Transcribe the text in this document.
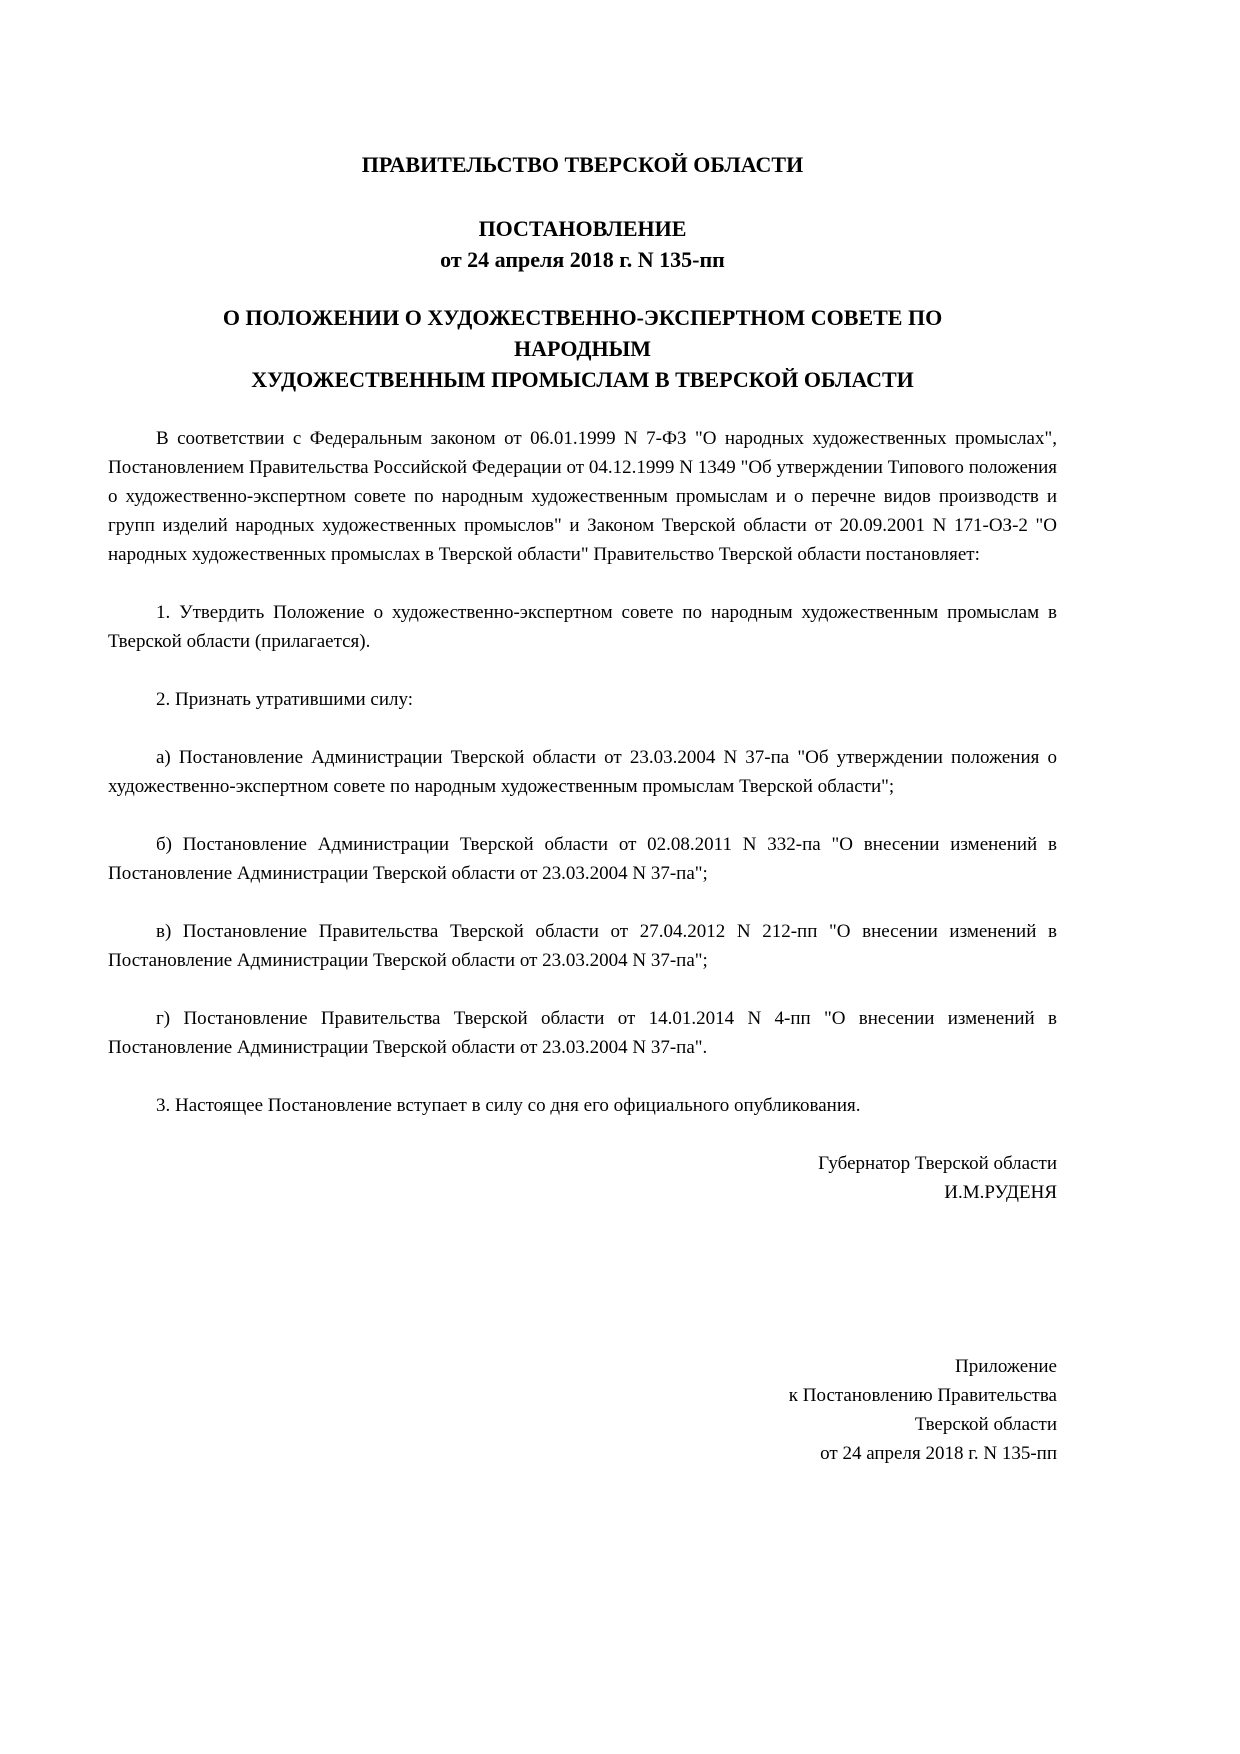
ПРАВИТЕЛЬСТВО ТВЕРСКОЙ ОБЛАСТИ
ПОСТАНОВЛЕНИЕ
от 24 апреля 2018 г. N 135-пп
О ПОЛОЖЕНИИ О ХУДОЖЕСТВЕННО-ЭКСПЕРТНОМ СОВЕТЕ ПО
НАРОДНЫМ
ХУДОЖЕСТВЕННЫМ ПРОМЫСЛАМ В ТВЕРСКОЙ ОБЛАСТИ

В соответствии с Федеральным законом от 06.01.1999 N 7-ФЗ "О народных художественных промыслах", Постановлением Правительства Российской Федерации от 04.12.1999 N 1349 "Об утверждении Типового положения о художественно-экспертном совете по народным художественным промыслам и о перечне видов производств и групп изделий народных художественных промыслов" и Законом Тверской области от 20.09.2001 N 171-ОЗ-2 "О народных художественных промыслах в Тверской области" Правительство Тверской области постановляет:

1. Утвердить Положение о художественно-экспертном совете по народным художественным промыслам в Тверской области (прилагается).

2. Признать утратившими силу:

а) Постановление Администрации Тверской области от 23.03.2004 N 37-па "Об утверждении положения о художественно-экспертном совете по народным художественным промыслам Тверской области";

б) Постановление Администрации Тверской области от 02.08.2011 N 332-па "О внесении изменений в Постановление Администрации Тверской области от 23.03.2004 N 37-па";

в) Постановление Правительства Тверской области от 27.04.2012 N 212-пп "О внесении изменений в Постановление Администрации Тверской области от 23.03.2004 N 37-па";

г) Постановление Правительства Тверской области от 14.01.2014 N 4-пп "О внесении изменений в Постановление Администрации Тверской области от 23.03.2004 N 37-па".

3. Настоящее Постановление вступает в силу со дня его официального опубликования.

Губернатор Тверской области
И.М.РУДЕНЯ
Приложение
к Постановлению Правительства
Тверской области
от 24 апреля 2018 г. N 135-пп
